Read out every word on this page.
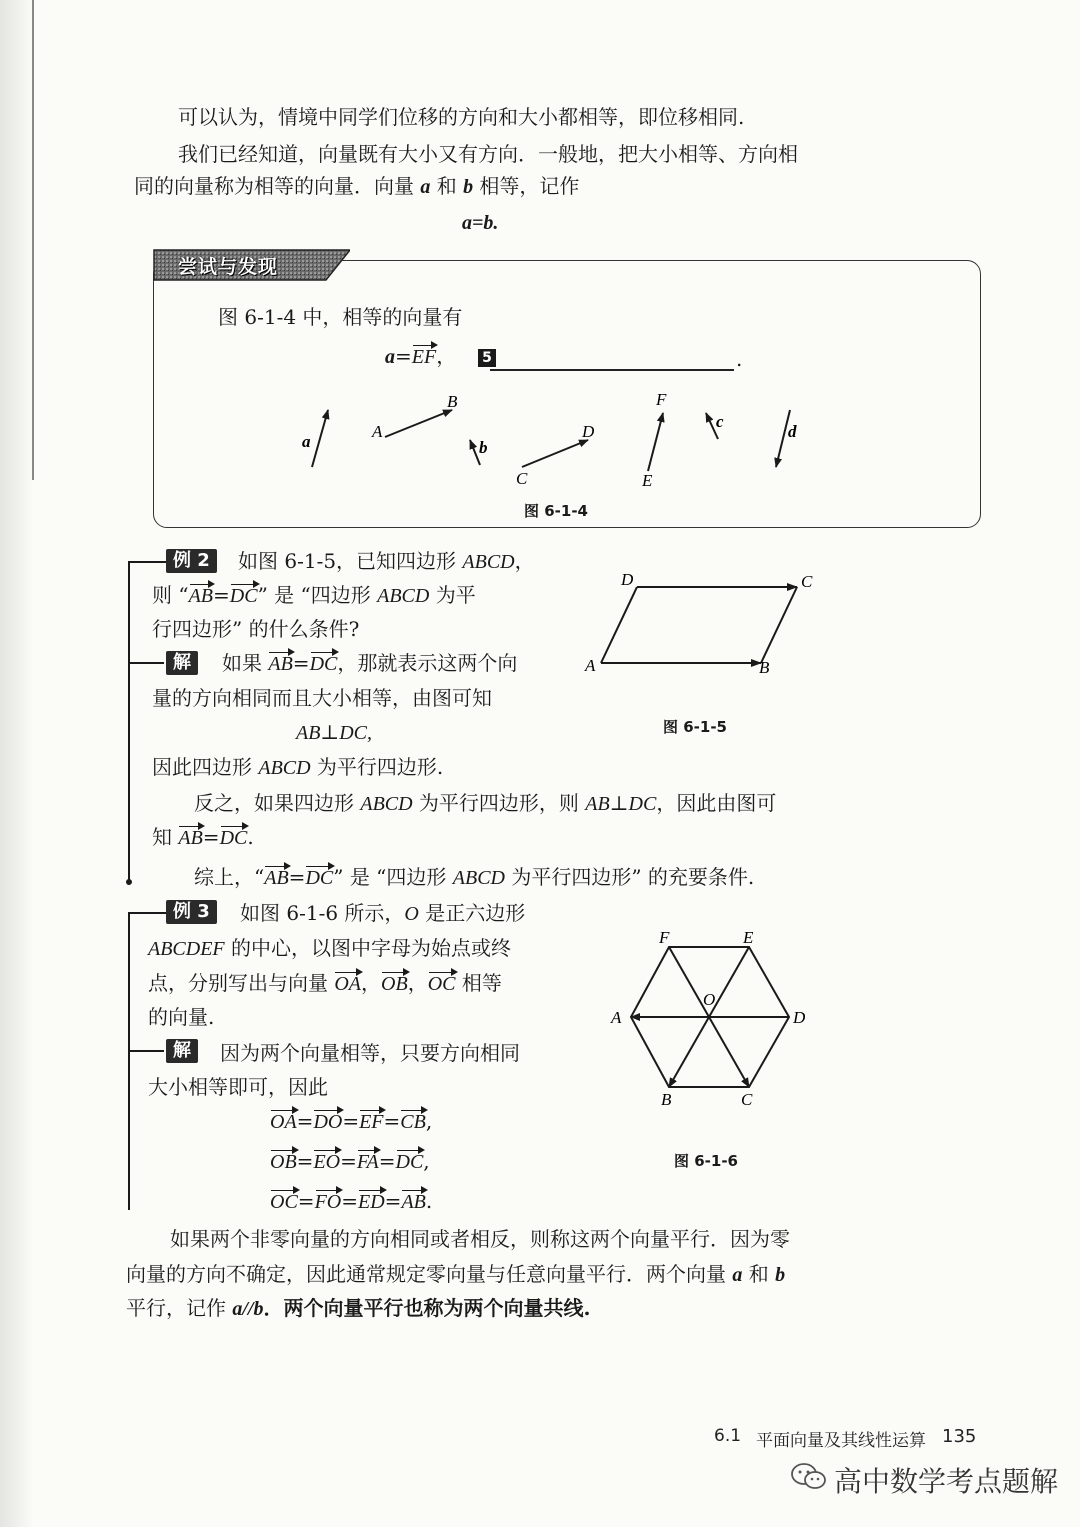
可以认为，情境中同学们位移的方向和大小都相等，即位移相同.
我们已经知道，向量既有大小又有方向．一般地，把大小相等、方向相
同的向量称为相等的向量．向量 a 和 b 相等，记作
a=b.
尝试与发现
图 6-1-4 中，相等的向量有
a=EF， 5	.
a
A
B
b
C
D
F
E
c
d
图 6-1-4
例 2	如图 6-1-5，已知四边形 ABCD，
则 “AB=DC” 是 “四边形 ABCD 为平
行四边形” 的什么条件?
解	如果 AB=DC，那就表示这两个向
量的方向相同而且大小相等，由图可知
AB⊥DC,
因此四边形 ABCD 为平行四边形.
反之，如果四边形 ABCD 为平行四边形，则 AB⊥DC，因此由图可
知 AB=DC.
综上，“AB=DC” 是 “四边形 ABCD 为平行四边形” 的充要条件.
D	C
A	B
图 6-1-5
例 3	如图 6-1-6 所示，O 是正六边形
ABCDEF 的中心，以图中字母为始点或终
点，分别写出与向量 OA，OB，OC 相等
的向量.
解	因为两个向量相等，只要方向相同
大小相等即可，因此
OA=DO=EF=CB,
OB=EO=FA=DC,
OC=FO=ED=AB.
F	E
A	D
O
B	C
图 6-1-6
如果两个非零向量的方向相同或者相反，则称这两个向量平行．因为零
向量的方向不确定，因此通常规定零向量与任意向量平行．两个向量 a 和 b
平行，记作 a//b．两个向量平行也称为两个向量共线.
6.1 平面向量及其线性运算 135
高中数学考点题解
